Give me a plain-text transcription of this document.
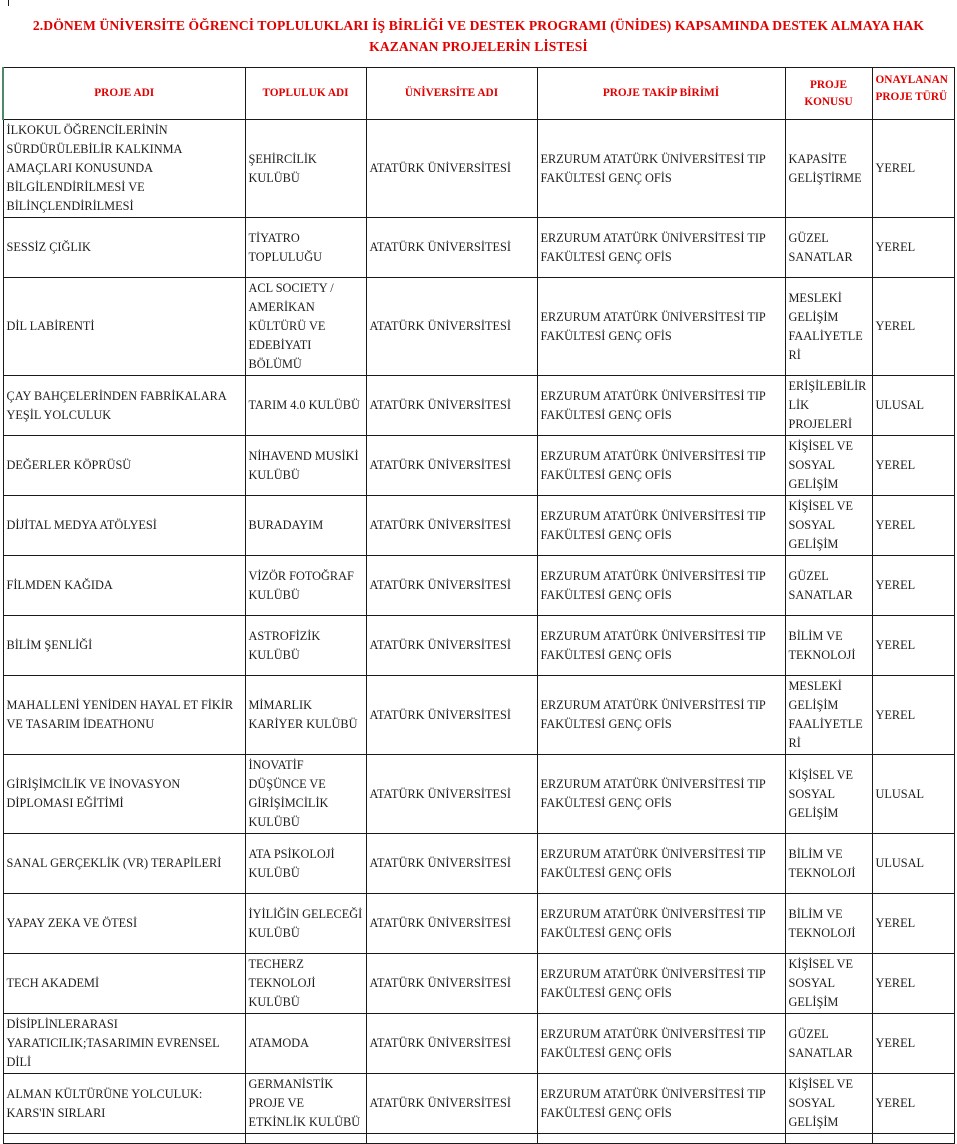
2.DÖNEM ÜNİVERSİTE ÖĞRENCİ TOPLULUKLARI İŞ BİRLİĞİ VE DESTEK PROGRAMI (ÜNİDES) KAPSAMINDA DESTEK ALMAYA HAK KAZANAN PROJELERİN LİSTESİ
PROJE ADI	TOPLULUK ADI	ÜNİVERSİTE ADI	PROJE TAKİP BİRİMİ	PROJE KONUSU	ONAYLANAN PROJE TÜRÜ
İLKOKUL ÖĞRENCİLERİNİN SÜRDÜRÜLEBİLİR KALKINMA AMAÇLARI KONUSUNDA BİLGİLENDİRİLMESİ VE BİLİNÇLENDİRİLMESİ	ŞEHİRCİLİK KULÜBÜ	ATATÜRK ÜNİVERSİTESİ	ERZURUM ATATÜRK ÜNİVERSİTESİ TIP FAKÜLTESİ GENÇ OFİS	KAPASİTE GELİŞTİRME	YEREL
SESSİZ ÇIĞLIK	TİYATRO TOPLULUĞU	ATATÜRK ÜNİVERSİTESİ	ERZURUM ATATÜRK ÜNİVERSİTESİ TIP FAKÜLTESİ GENÇ OFİS	GÜZEL SANATLAR	YEREL
DİL LABİRENTİ	ACL SOCIETY / AMERİKAN KÜLTÜRÜ VE EDEBİYATI BÖLÜMÜ	ATATÜRK ÜNİVERSİTESİ	ERZURUM ATATÜRK ÜNİVERSİTESİ TIP FAKÜLTESİ GENÇ OFİS	MESLEKİ GELİŞİM FAALİYETLERİ	YEREL
ÇAY BAHÇELERİNDEN FABRİKALARA YEŞİL YOLCULUK	TARIM 4.0 KULÜBÜ	ATATÜRK ÜNİVERSİTESİ	ERZURUM ATATÜRK ÜNİVERSİTESİ TIP FAKÜLTESİ GENÇ OFİS	ERİŞİLEBİLİRLİK PROJELERİ	ULUSAL
DEĞERLER KÖPRÜSÜ	NİHAVEND MUSİKİ KULÜBÜ	ATATÜRK ÜNİVERSİTESİ	ERZURUM ATATÜRK ÜNİVERSİTESİ TIP FAKÜLTESİ GENÇ OFİS	KİŞİSEL VE SOSYAL GELİŞİM	YEREL
DİJİTAL MEDYA ATÖLYESİ	BURADAYIM	ATATÜRK ÜNİVERSİTESİ	ERZURUM ATATÜRK ÜNİVERSİTESİ TIP FAKÜLTESİ GENÇ OFİS	KİŞİSEL VE SOSYAL GELİŞİM	YEREL
FİLMDEN KAĞIDA	VİZÖR FOTOĞRAF KULÜBÜ	ATATÜRK ÜNİVERSİTESİ	ERZURUM ATATÜRK ÜNİVERSİTESİ TIP FAKÜLTESİ GENÇ OFİS	GÜZEL SANATLAR	YEREL
BİLİM ŞENLİĞİ	ASTROFİZİK KULÜBÜ	ATATÜRK ÜNİVERSİTESİ	ERZURUM ATATÜRK ÜNİVERSİTESİ TIP FAKÜLTESİ GENÇ OFİS	BİLİM VE TEKNOLOJİ	YEREL
MAHALLENİ YENİDEN HAYAL ET FİKİR VE TASARIM İDEATHONU	MİMARLIK KARİYER KULÜBÜ	ATATÜRK ÜNİVERSİTESİ	ERZURUM ATATÜRK ÜNİVERSİTESİ TIP FAKÜLTESİ GENÇ OFİS	MESLEKİ GELİŞİM FAALİYETLERİ	YEREL
GİRİŞİMCİLİK VE İNOVASYON DİPLOMASI EĞİTİMİ	İNOVATİF DÜŞÜNCE VE GİRİŞİMCİLİK KULÜBÜ	ATATÜRK ÜNİVERSİTESİ	ERZURUM ATATÜRK ÜNİVERSİTESİ TIP FAKÜLTESİ GENÇ OFİS	KİŞİSEL VE SOSYAL GELİŞİM	ULUSAL
SANAL GERÇEKLİK (VR) TERAPİLERİ	ATA PSİKOLOJİ KULÜBÜ	ATATÜRK ÜNİVERSİTESİ	ERZURUM ATATÜRK ÜNİVERSİTESİ TIP FAKÜLTESİ GENÇ OFİS	BİLİM VE TEKNOLOJİ	ULUSAL
YAPAY ZEKA VE ÖTESİ	İYİLİĞİN GELECEĞİ KULÜBÜ	ATATÜRK ÜNİVERSİTESİ	ERZURUM ATATÜRK ÜNİVERSİTESİ TIP FAKÜLTESİ GENÇ OFİS	BİLİM VE TEKNOLOJİ	YEREL
TECH AKADEMİ	TECHERZ TEKNOLOJİ KULÜBÜ	ATATÜRK ÜNİVERSİTESİ	ERZURUM ATATÜRK ÜNİVERSİTESİ TIP FAKÜLTESİ GENÇ OFİS	KİŞİSEL VE SOSYAL GELİŞİM	YEREL
DİSİPLİNLERARASI YARATICILIK;TASARIMIN EVRENSEL DİLİ	ATAMODA	ATATÜRK ÜNİVERSİTESİ	ERZURUM ATATÜRK ÜNİVERSİTESİ TIP FAKÜLTESİ GENÇ OFİS	GÜZEL SANATLAR	YEREL
ALMAN KÜLTÜRÜNE YOLCULUK: KARS'IN SIRLARI	GERMANİSTİK PROJE VE ETKİNLİK KULÜBÜ	ATATÜRK ÜNİVERSİTESİ	ERZURUM ATATÜRK ÜNİVERSİTESİ TIP FAKÜLTESİ GENÇ OFİS	KİŞİSEL VE SOSYAL GELİŞİM	YEREL
